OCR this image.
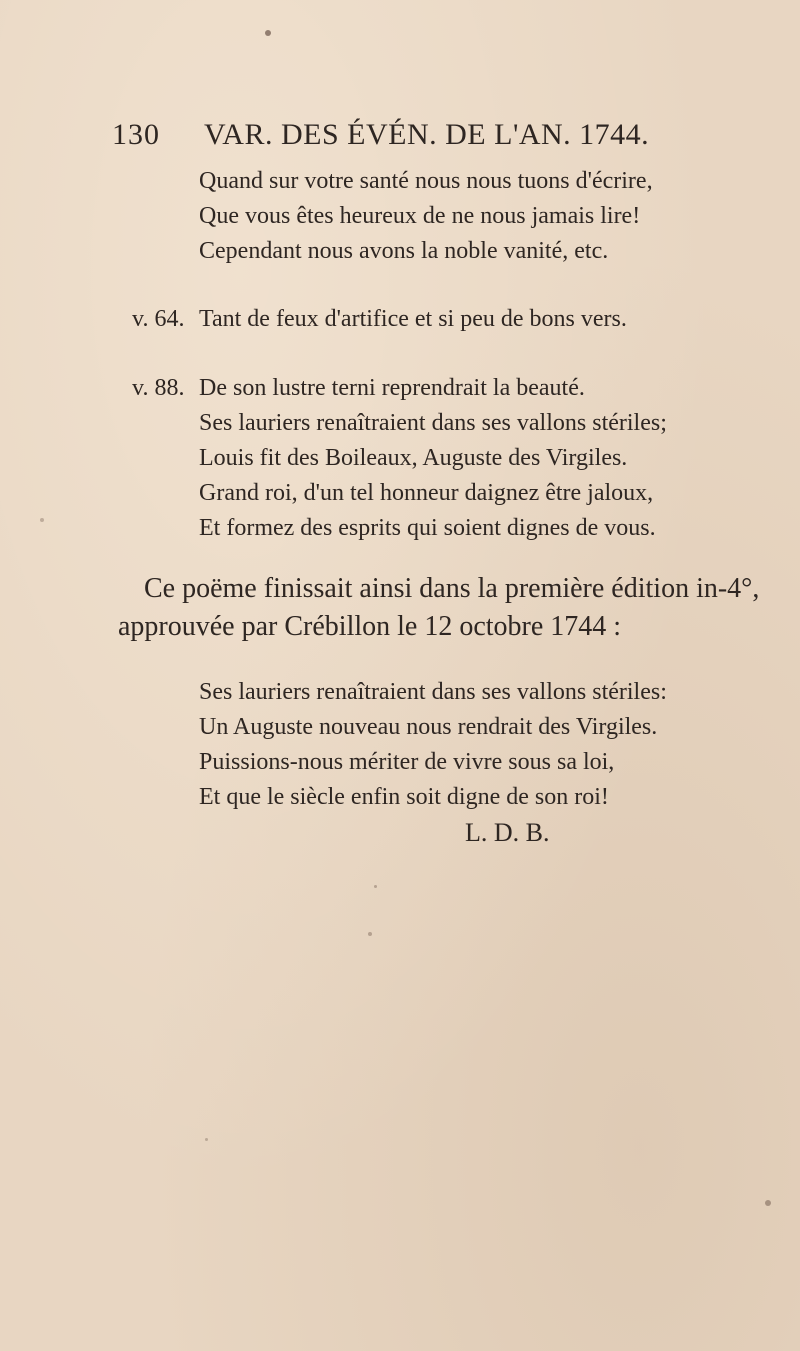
130 VAR. DES ÉVÉN. DE L'AN. 1744.
Quand sur votre santé nous nous tuons d'écrire,
Que vous êtes heureux de ne nous jamais lire!
Cependant nous avons la noble vanité, etc.
v. 64. Tant de feux d'artifice et si peu de bons vers.
v. 88. De son lustre terni reprendrait la beauté.
Ses lauriers renaîtraient dans ses vallons stériles;
Louis fit des Boileaux, Auguste des Virgiles.
Grand roi, d'un tel honneur daignez être jaloux,
Et formez des esprits qui soient dignes de vous.
Ce poëme finissait ainsi dans la première édition in-4°,
approuvée par Crébillon le 12 octobre 1744 :
Ses lauriers renaîtraient dans ses vallons stériles:
Un Auguste nouveau nous rendrait des Virgiles.
Puissions-nous mériter de vivre sous sa loi,
Et que le siècle enfin soit digne de son roi!
L. D. B.
